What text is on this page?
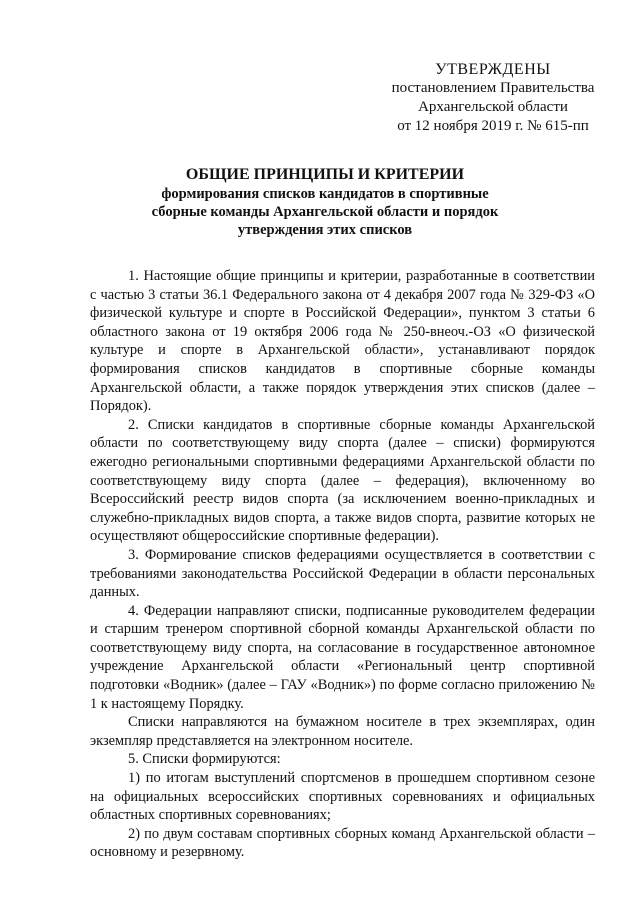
УТВЕРЖДЕНЫ
постановлением Правительства
Архангельской области
от 12 ноября 2019 г. № 615-пп
ОБЩИЕ ПРИНЦИПЫ И КРИТЕРИИ
формирования списков кандидатов в спортивные
сборные команды Архангельской области и порядок
утверждения этих списков

1. Настоящие общие принципы и критерии, разработанные в соответствии с частью 3 статьи 36.1 Федерального закона от 4 декабря 2007 года № 329-ФЗ «О физической культуре и спорте в Российской Федерации», пунктом 3 статьи 6 областного закона от 19 октября 2006 года № 250-внеоч.-ОЗ «О физической культуре и спорте в Архангельской области», устанавливают порядок формирования списков кандидатов в спортивные сборные команды Архангельской области, а также порядок утверждения этих списков (далее – Порядок).

2. Списки кандидатов в спортивные сборные команды Архангельской области по соответствующему виду спорта (далее – списки) формируются ежегодно региональными спортивными федерациями Архангельской области по соответствующему виду спорта (далее – федерация), включенному во Всероссийский реестр видов спорта (за исключением военно-прикладных и служебно-прикладных видов спорта, а также видов спорта, развитие которых не осуществляют общероссийские спортивные федерации).

3. Формирование списков федерациями осуществляется в соответствии с требованиями законодательства Российской Федерации в области персональных данных.

4. Федерации направляют списки, подписанные руководителем федерации и старшим тренером спортивной сборной команды Архангельской области по соответствующему виду спорта, на согласование в государственное автономное учреждение Архангельской области «Региональный центр спортивной подготовки «Водник» (далее – ГАУ «Водник») по форме согласно приложению № 1 к настоящему Порядку.

Списки направляются на бумажном носителе в трех экземплярах, один экземпляр представляется на электронном носителе.

5. Списки формируются:

1) по итогам выступлений спортсменов в прошедшем спортивном сезоне на официальных всероссийских спортивных соревнованиях и официальных областных спортивных соревнованиях;

2) по двум составам спортивных сборных команд Архангельской области – основному и резервному.
